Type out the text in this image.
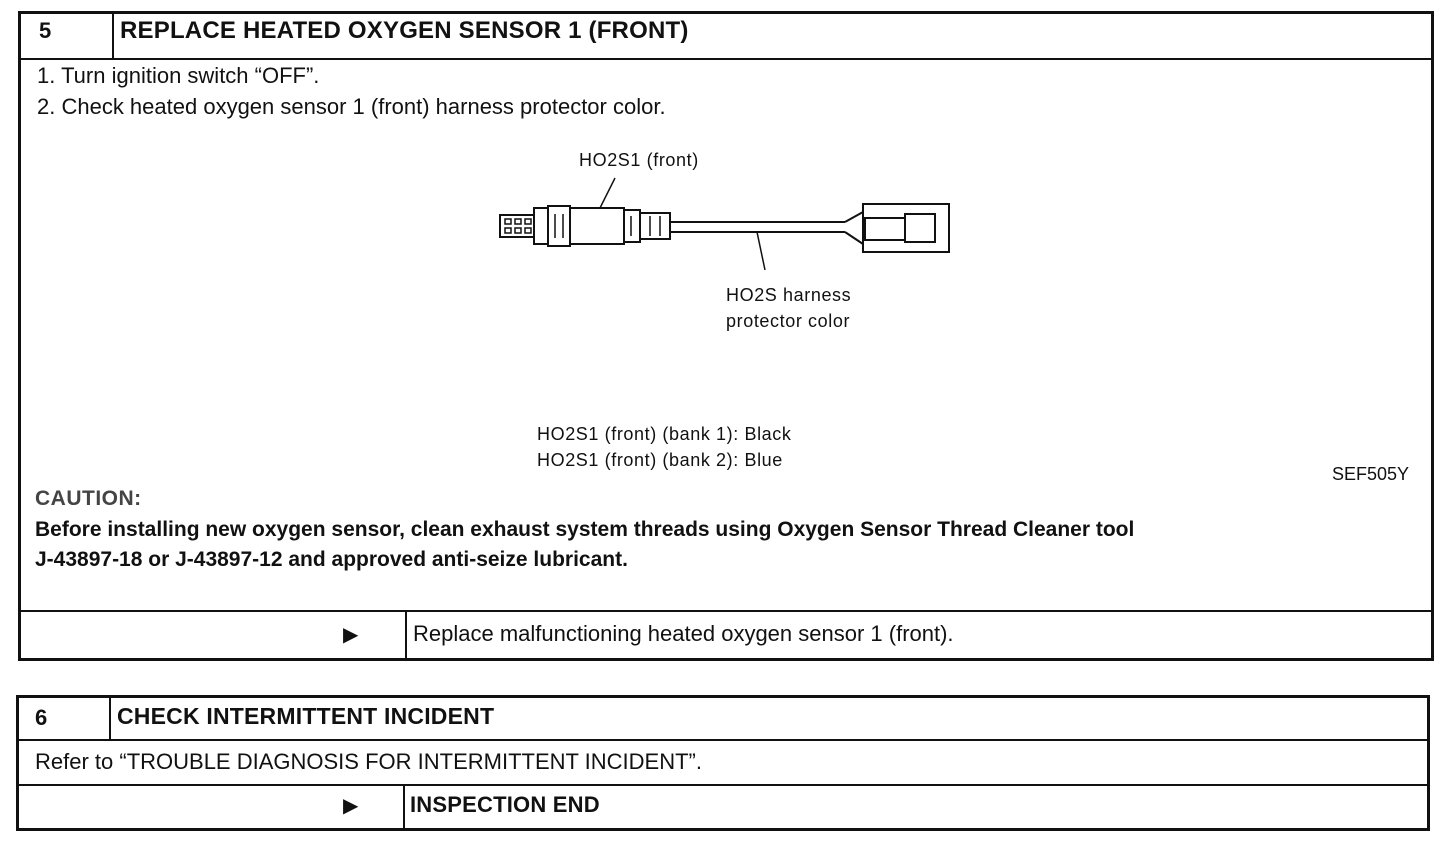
5	REPLACE HEATED OXYGEN SENSOR 1 (FRONT)
1. Turn ignition switch “OFF”.
2. Check heated oxygen sensor 1 (front) harness protector color.
HO2S1 (front)
HO2S harness
protector color
HO2S1 (front) (bank 1): Black
HO2S1 (front) (bank 2): Blue
SEF505Y
CAUTION:
Before installing new oxygen sensor, clean exhaust system threads using Oxygen Sensor Thread Cleaner tool
J-43897-18 or J-43897-12 and approved anti-seize lubricant.
▶ Replace malfunctioning heated oxygen sensor 1 (front).
6	CHECK INTERMITTENT INCIDENT
Refer to “TROUBLE DIAGNOSIS FOR INTERMITTENT INCIDENT”.
▶ INSPECTION END
